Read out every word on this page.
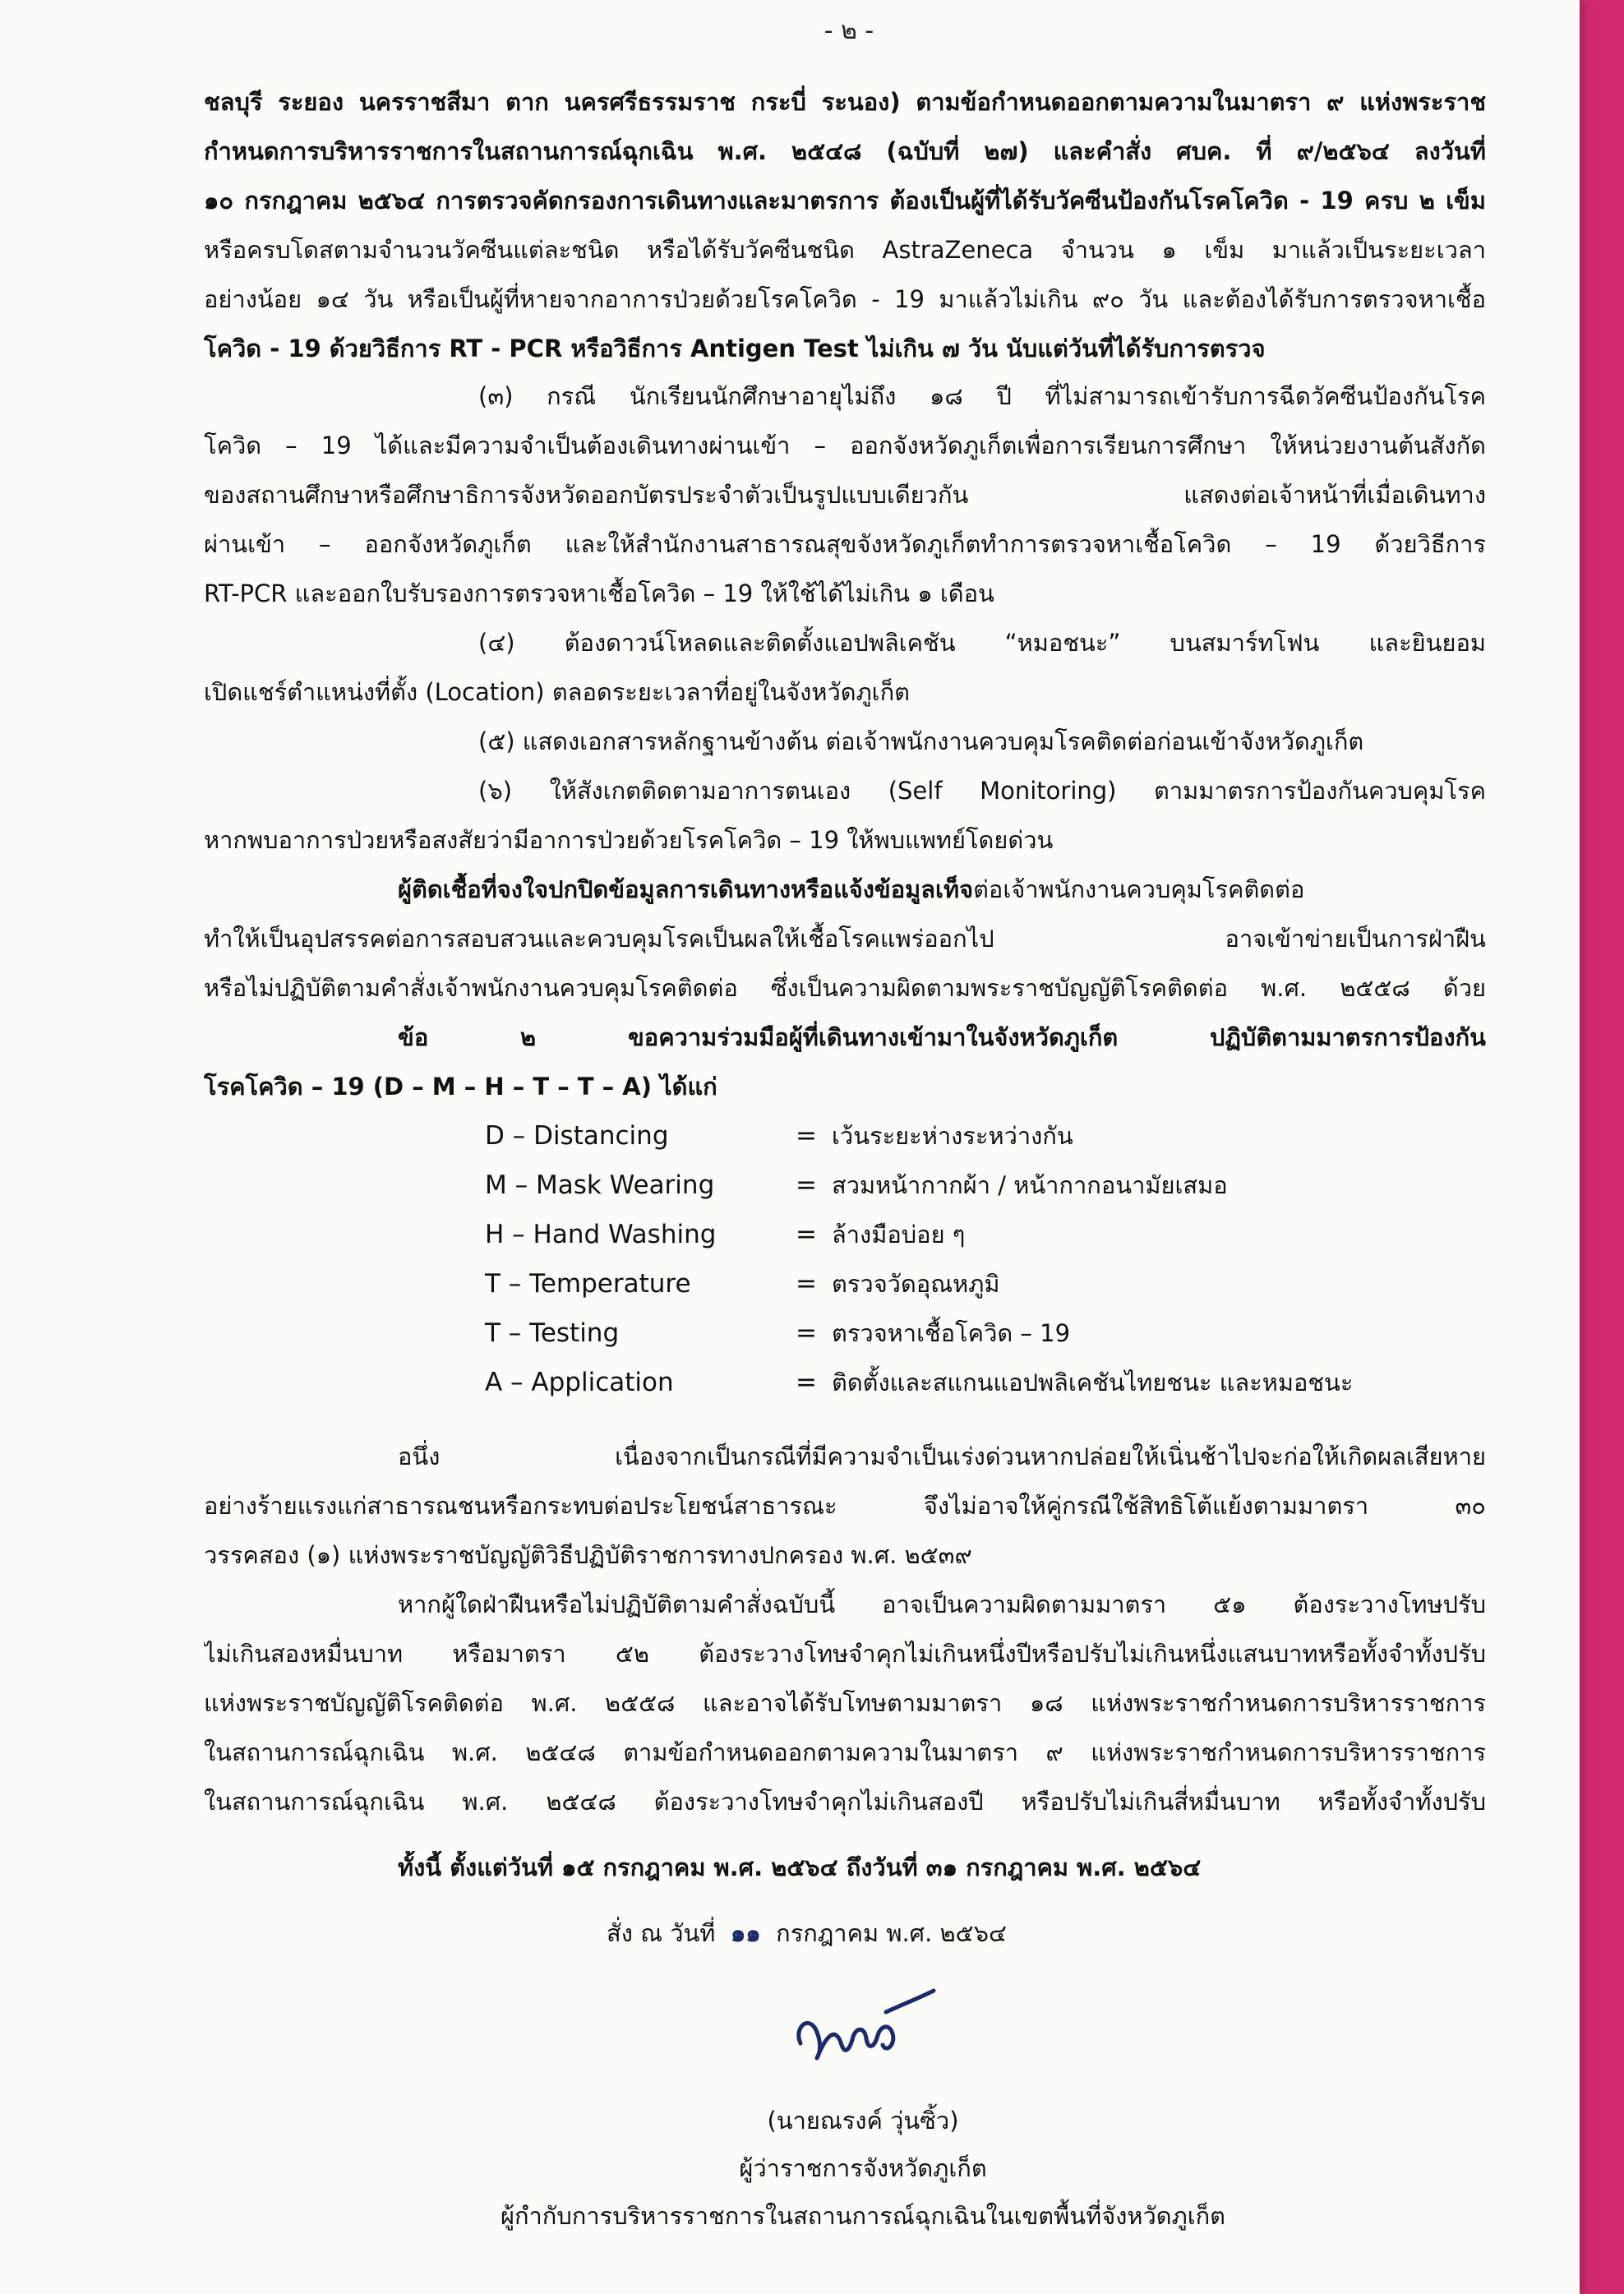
- ๒ -
ชลบุรี ระยอง นครราชสีมา ตาก นครศรีธรรมราช กระบี่ ระนอง) ตามข้อกำหนดออกตามความในมาตรา ๙ แห่งพระราช
กำหนดการบริหารราชการในสถานการณ์ฉุกเฉิน พ.ศ. ๒๕๔๘ (ฉบับที่ ๒๗) และคำสั่ง ศบค. ที่ ๙/๒๕๖๔ ลงวันที่
๑๐ กรกฎาคม ๒๕๖๔ การตรวจคัดกรองการเดินทางและมาตรการ ต้องเป็นผู้ที่ได้รับวัคซีนป้องกันโรคโควิด - 19 ครบ ๒ เข็ม
หรือครบโดสตามจำนวนวัคซีนแต่ละชนิด หรือได้รับวัคซีนชนิด AstraZeneca จำนวน ๑ เข็ม มาแล้วเป็นระยะเวลา
อย่างน้อย ๑๔ วัน หรือเป็นผู้ที่หายจากอาการป่วยด้วยโรคโควิด - 19 มาแล้วไม่เกิน ๙๐ วัน และต้องได้รับการตรวจหาเชื้อ
โควิด - 19 ด้วยวิธีการ RT - PCR หรือวิธีการ Antigen Test ไม่เกิน ๗ วัน นับแต่วันที่ได้รับการตรวจ
(๓) กรณี นักเรียนนักศึกษาอายุไม่ถึง ๑๘ ปี ที่ไม่สามารถเข้ารับการฉีดวัคซีนป้องกันโรค
โควิด – 19 ได้และมีความจำเป็นต้องเดินทางผ่านเข้า – ออกจังหวัดภูเก็ตเพื่อการเรียนการศึกษา ให้หน่วยงานต้นสังกัด
ของสถานศึกษาหรือศึกษาธิการจังหวัดออกบัตรประจำตัวเป็นรูปแบบเดียวกัน แสดงต่อเจ้าหน้าที่เมื่อเดินทาง
ผ่านเข้า – ออกจังหวัดภูเก็ต และให้สำนักงานสาธารณสุขจังหวัดภูเก็ตทำการตรวจหาเชื้อโควิด – 19 ด้วยวิธีการ
RT-PCR และออกใบรับรองการตรวจหาเชื้อโควิด – 19 ให้ใช้ได้ไม่เกิน ๑ เดือน
(๔) ต้องดาวน์โหลดและติดตั้งแอปพลิเคชัน “หมอชนะ” บนสมาร์ทโฟน และยินยอม
เปิดแชร์ตำแหน่งที่ตั้ง (Location) ตลอดระยะเวลาที่อยู่ในจังหวัดภูเก็ต
(๕) แสดงเอกสารหลักฐานข้างต้น ต่อเจ้าพนักงานควบคุมโรคติดต่อก่อนเข้าจังหวัดภูเก็ต
(๖) ให้สังเกตติดตามอาการตนเอง (Self Monitoring) ตามมาตรการป้องกันควบคุมโรค
หากพบอาการป่วยหรือสงสัยว่ามีอาการป่วยด้วยโรคโควิด – 19 ให้พบแพทย์โดยด่วน
ผู้ติดเชื้อที่จงใจปกปิดข้อมูลการเดินทางหรือแจ้งข้อมูลเท็จต่อเจ้าพนักงานควบคุมโรคติดต่อ
ทำให้เป็นอุปสรรคต่อการสอบสวนและควบคุมโรคเป็นผลให้เชื้อโรคแพร่ออกไป อาจเข้าข่ายเป็นการฝ่าฝืน
หรือไม่ปฏิบัติตามคำสั่งเจ้าพนักงานควบคุมโรคติดต่อ ซึ่งเป็นความผิดตามพระราชบัญญัติโรคติดต่อ พ.ศ. ๒๕๕๘ ด้วย
ข้อ ๒ ขอความร่วมมือผู้ที่เดินทางเข้ามาในจังหวัดภูเก็ต ปฏิบัติตามมาตรการป้องกัน
โรคโควิด – 19 (D – M – H – T – T – A) ได้แก่
D – Distancing	= เว้นระยะห่างระหว่างกัน
M – Mask Wearing	= สวมหน้ากากผ้า / หน้ากากอนามัยเสมอ
H – Hand Washing	= ล้างมือบ่อย ๆ
T – Temperature	= ตรวจวัดอุณหภูมิ
T – Testing	= ตรวจหาเชื้อโควิด – 19
A – Application	= ติดตั้งและสแกนแอปพลิเคชันไทยชนะ และหมอชนะ
อนึ่ง เนื่องจากเป็นกรณีที่มีความจำเป็นเร่งด่วนหากปล่อยให้เนิ่นช้าไปจะก่อให้เกิดผลเสียหาย
อย่างร้ายแรงแก่สาธารณชนหรือกระทบต่อประโยชน์สาธารณะ จึงไม่อาจให้คู่กรณีใช้สิทธิโต้แย้งตามมาตรา ๓๐
วรรคสอง (๑) แห่งพระราชบัญญัติวิธีปฏิบัติราชการทางปกครอง พ.ศ. ๒๕๓๙
หากผู้ใดฝ่าฝืนหรือไม่ปฏิบัติตามคำสั่งฉบับนี้ อาจเป็นความผิดตามมาตรา ๕๑ ต้องระวางโทษปรับ
ไม่เกินสองหมื่นบาท หรือมาตรา ๕๒ ต้องระวางโทษจำคุกไม่เกินหนึ่งปีหรือปรับไม่เกินหนึ่งแสนบาทหรือทั้งจำทั้งปรับ
แห่งพระราชบัญญัติโรคติดต่อ พ.ศ. ๒๕๕๘ และอาจได้รับโทษตามมาตรา ๑๘ แห่งพระราชกำหนดการบริหารราชการ
ในสถานการณ์ฉุกเฉิน พ.ศ. ๒๕๔๘ ตามข้อกำหนดออกตามความในมาตรา ๙ แห่งพระราชกำหนดการบริหารราชการ
ในสถานการณ์ฉุกเฉิน พ.ศ. ๒๕๔๘ ต้องระวางโทษจำคุกไม่เกินสองปี หรือปรับไม่เกินสี่หมื่นบาท หรือทั้งจำทั้งปรับ
ทั้งนี้ ตั้งแต่วันที่ ๑๕ กรกฎาคม พ.ศ. ๒๕๖๔ ถึงวันที่ ๓๑ กรกฎาคม พ.ศ. ๒๕๖๔
สั่ง ณ วันที่ ๑๑ กรกฎาคม พ.ศ. ๒๕๖๔
(นายณรงค์ วุ่นซิ้ว)
ผู้ว่าราชการจังหวัดภูเก็ต
ผู้กำกับการบริหารราชการในสถานการณ์ฉุกเฉินในเขตพื้นที่จังหวัดภูเก็ต
